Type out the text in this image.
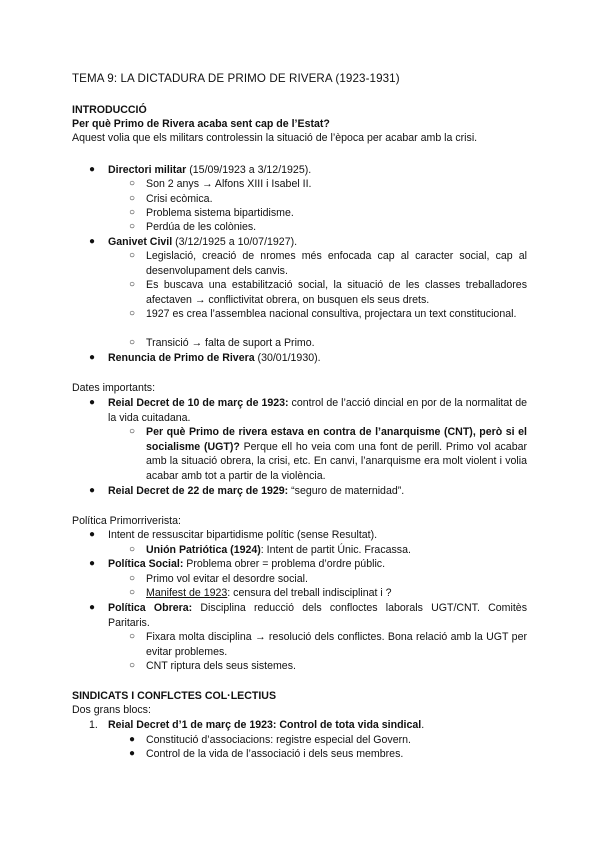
TEMA 9: LA DICTADURA DE PRIMO DE RIVERA (1923-1931)
INTRODUCCIÓ
Per què Primo de Rivera acaba sent cap de l’Estat?
Aquest volia que els militars controlessin la situació de l’època per acabar amb la crisi.
● Directori militar (15/09/1923 a 3/12/1925).
○ Son 2 anys → Alfons XIII i Isabel II.
○ Crisi ecòmica.
○ Problema sistema bipartidisme.
○ Perdúa de les colònies.
● Ganivet Civil (3/12/1925 a 10/07/1927).
○ Legislació, creació de nromes més enfocada cap al caracter social, cap al desenvolupament dels canvis.

○ Es buscava una estabilització social, la situació de les classes treballadores afectaven → conflictivitat obrera, on busquen els seus drets.

○ 1927 es crea l’assemblea nacional consultiva, projectara un text constitucional.

○ Transició → falta de suport a Primo.
● Renuncia de Primo de Rivera (30/01/1930).
Dates importants:
● Reial Decret de 10 de març de 1923: control de l’acció dincial en por de la normalitat de la vida cuitadana.

○ Per què Primo de rivera estava en contra de l’anarquisme (CNT), però si el socialisme (UGT)? Perque ell ho veia com una font de perill. Primo vol acabar amb la situació obrera, la crisi, etc. En canvi, l’anarquisme era molt violent i volia acabar amb tot a partir de la violència.

● Reial Decret de 22 de març de 1929: “seguro de maternidad”.
Política Primorriverista:
● Intent de ressuscitar bipartidisme polític (sense Resultat).
○ Unión Patriótica (1924): Intent de partit Únic. Fracassa.
● Política Social: Problema obrer = problema d’ordre públic.
○ Primo vol evitar el desordre social.
○ Manifest de 1923: censura del treball indisciplinat i ?
● Política Obrera: Disciplina reducció dels confloctes laborals UGT/CNT. Comitès Paritaris.

○ Fixara molta disciplina → resolució dels conflictes. Bona relació amb la UGT per evitar problemes.

○ CNT riptura dels seus sistemes.
SINDICATS I CONFLCTES COL·LECTIUS
Dos grans blocs:
1. Reial Decret d’1 de març de 1923: Control de tota vida sindical.
● Constitució d’associacions: registre especial del Govern.
● Control de la vida de l’associació i dels seus membres.
